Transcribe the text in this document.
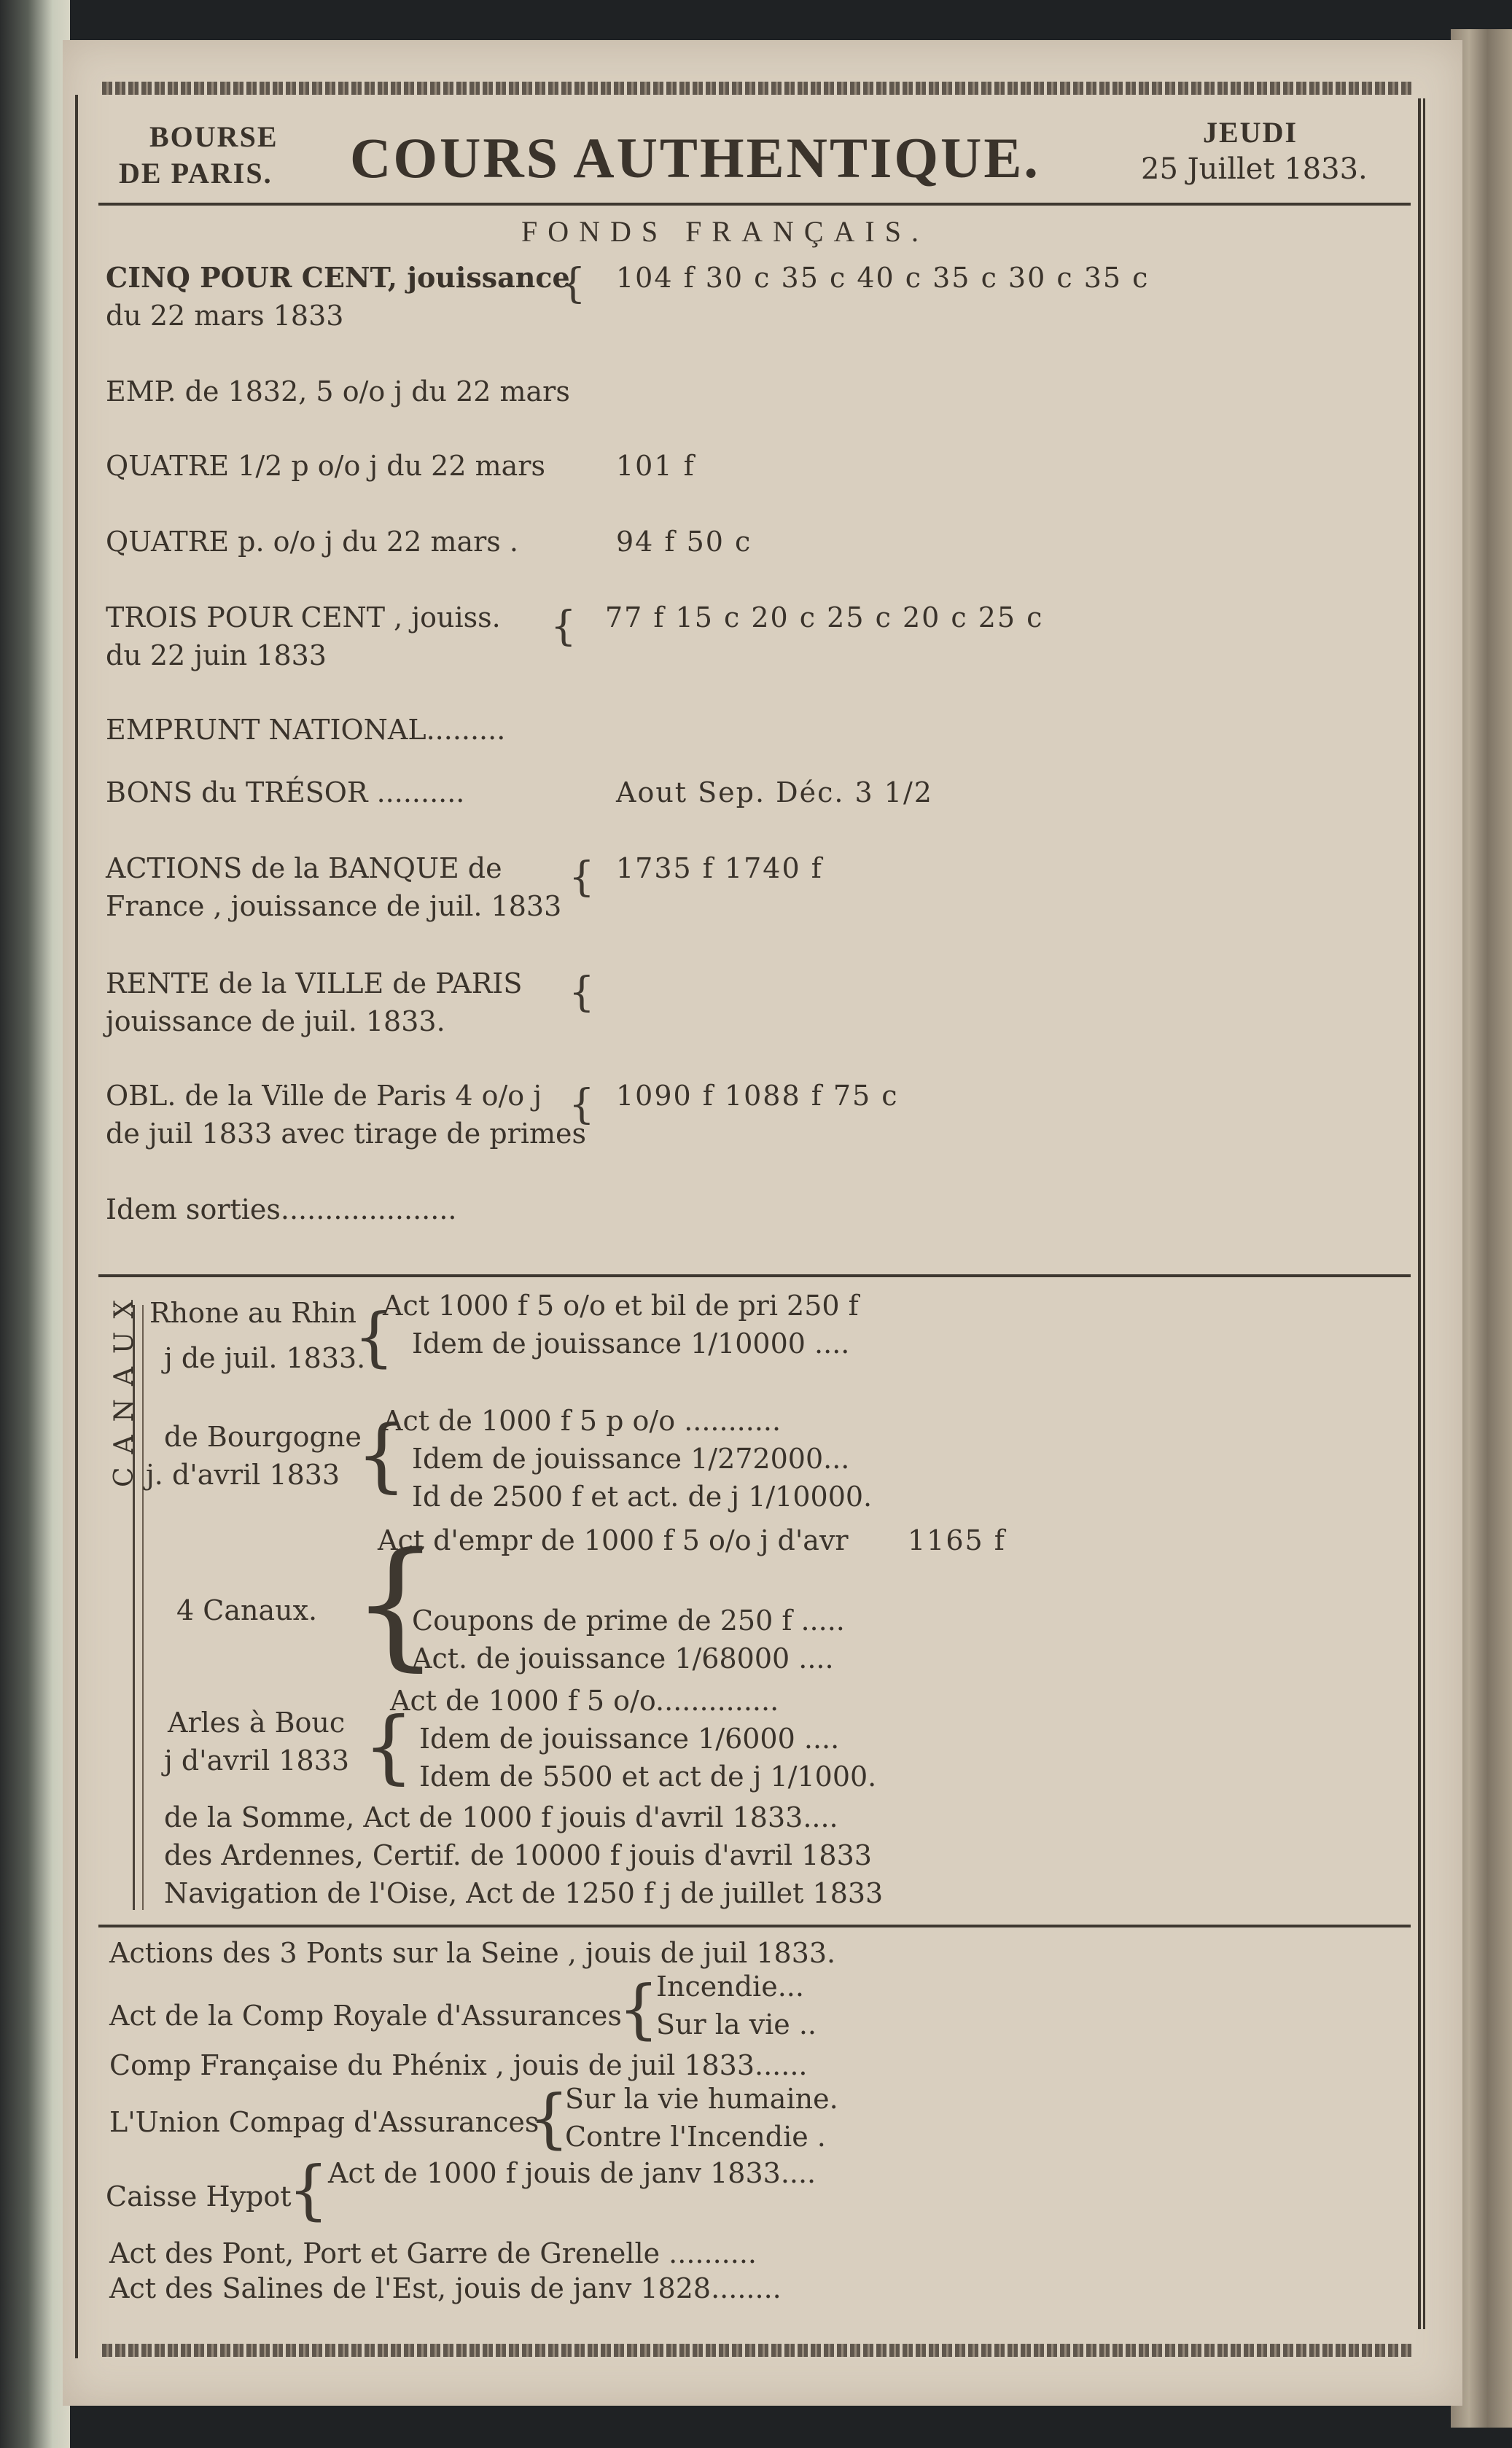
BOURSE
DE PARIS. COURS AUTHENTIQUE.	JEUDI
25 Juillet 1833.
FONDS FRANÇAIS.
CINQ POUR CENT, jouissance
du 22 mars 1833
{ 104 f 30 c 35 c 40 c 35 c 30 c 35 c
EMP. de 1832, 5 o/o j du 22 mars
QUATRE 1/2 p o/o j du 22 mars	101 f
QUATRE p. o/o j du 22 mars .	94 f 50 c
TROIS POUR CENT , jouiss.
du 22 juin 1833
{ 77 f 15 c 20 c 25 c 20 c 25 c
EMPRUNT NATIONAL.........
BONS du TRÉSOR ..........	Aout Sep. Déc. 3 1/2
ACTIONS de la BANQUE de
France , jouissance de juil. 1833
{ 1735 f 1740 f
RENTE de la VILLE de PARIS
jouissance de juil. 1833.
{
OBL. de la Ville de Paris 4 o/o j
de juil 1833 avec tirage de primes
{ 1090 f 1088 f 75 c
Idem sorties....................
CANAUX Rhone au Rhin
j de juil. 1833.
{
Act 1000 f 5 o/o et bil de pri 250 f
Idem de jouissance 1/10000 ....
de Bourgogne
j. d'avril 1833 {
Act de 1000 f 5 p o/o ...........
Idem de jouissance 1/272000...
Id de 2500 f et act. de j 1/10000.
4 Canaux. {
Act d'empr de 1000 f 5 o/o j d'avr 1165 f
Coupons de prime de 250 f .....
Act. de jouissance 1/68000 ....
Arles à Bouc
j d'avril 1833 {
Act de 1000 f 5 o/o..............
Idem de jouissance 1/6000 ....
Idem de 5500 et act de j 1/1000.
de la Somme, Act de 1000 f jouis d'avril 1833....
des Ardennes, Certif. de 10000 f jouis d'avril 1833
Navigation de l'Oise, Act de 1250 f j de juillet 1833
Actions des 3 Ponts sur la Seine , jouis de juil 1833.
Act de la Comp Royale d'Assurances
{
Incendie...
Sur la vie ..
Comp Française du Phénix , jouis de juil 1833......
L'Union Compag d'Assurances
{
Sur la vie humaine.
Contre l'Incendie .
Caisse Hypot
{ Act de 1000 f jouis de janv 1833....
Act des Pont, Port et Garre de Grenelle ..........
Act des Salines de l'Est, jouis de janv 1828........
